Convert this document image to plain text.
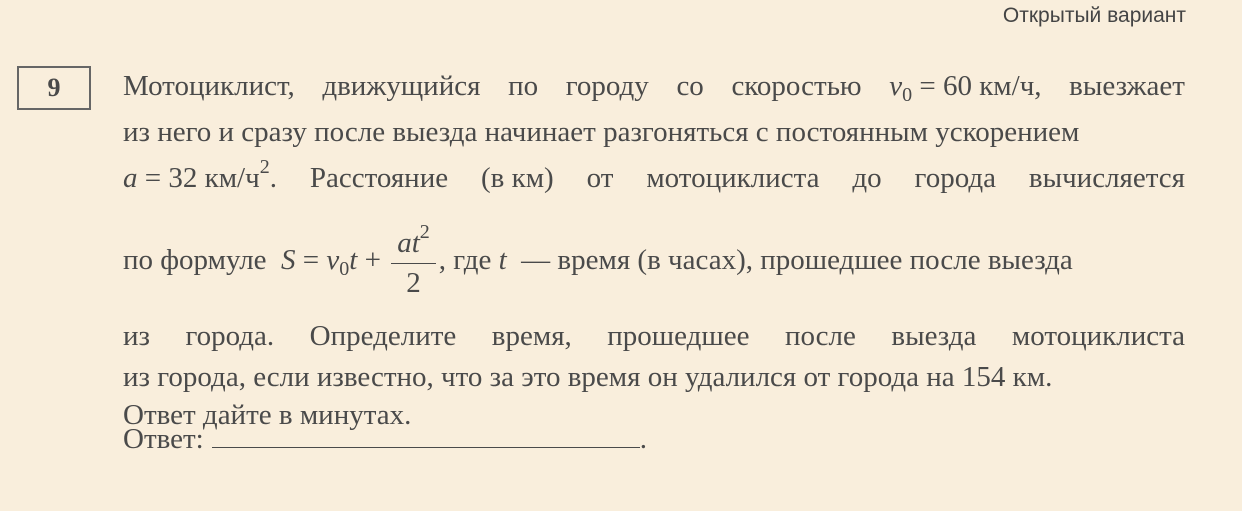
Открытый вариант
9	Мотоциклист, движущийся по городу со скоростью $v_0 = 60$ км/ч, выезжает
из него и сразу после выезда начинает разгоняться с постоянным ускорением
a = 32 $км/ч^2$. Расстояние (в км) от мотоциклиста до города вычисляется
по формуле $S = v_0t + \frac{at^2}{2}$ , где t — время (в часах), прошедшее после выезда
из города. Определите время, прошедшее после выезда мотоциклиста
из города, если известно, что за это время он удалился от города на 154 км.
Ответ дайте в минутах.
Ответ:	.
